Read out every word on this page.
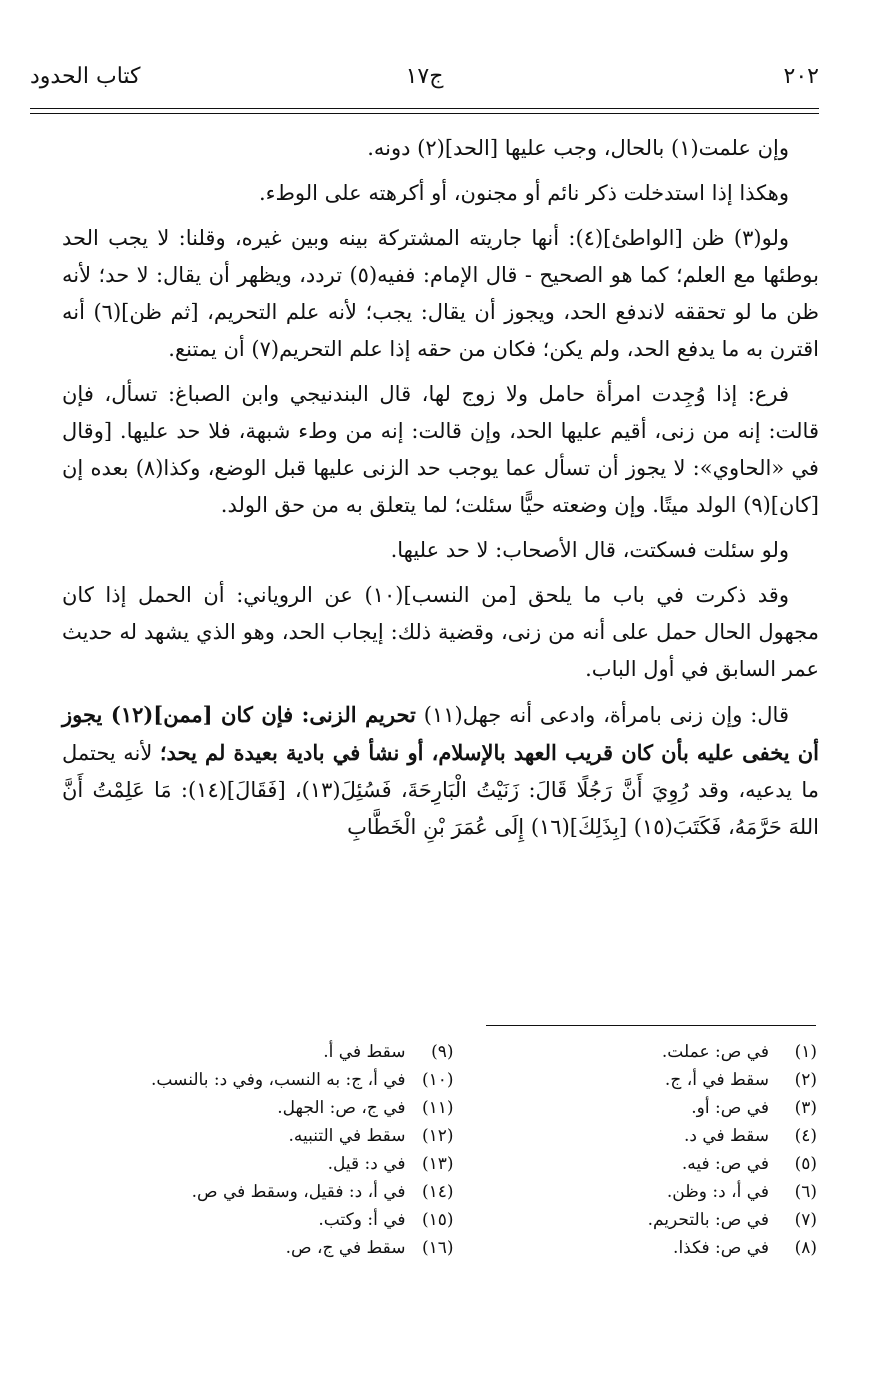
٢٠٢
ج١٧
كتاب الحدود

وإن علمت(١) بالحال، وجب عليها [الحد](٢) دونه.

وهكذا إذا استدخلت ذكر نائم أو مجنون، أو أكرهته على الوطء.

ولو(٣) ظن [الواطئ](٤): أنها جاريته المشتركة بينه وبين غيره، وقلنا: لا يجب الحد بوطئها مع العلم؛ كما هو الصحيح - قال الإمام: ففيه(٥) تردد، ويظهر أن يقال: لا حد؛ لأنه ظن ما لو تحققه لاندفع الحد، ويجوز أن يقال: يجب؛ لأنه علم التحريم، [ثم ظن](٦) أنه اقترن به ما يدفع الحد، ولم يكن؛ فكان من حقه إذا علم التحريم(٧) أن يمتنع.

فرع: إذا وُجِدت امرأة حامل ولا زوج لها، قال البندنيجي وابن الصباغ: تسأل، فإن قالت: إنه من زنى، أقيم عليها الحد، وإن قالت: إنه من وطء شبهة، فلا حد عليها. [وقال في «الحاوي»: لا يجوز أن تسأل عما يوجب حد الزنى عليها قبل الوضع، وكذا(٨) بعده إن [كان](٩) الولد ميتًا. وإن وضعته حيًّا سئلت؛ لما يتعلق به من حق الولد.

ولو سئلت فسكتت، قال الأصحاب: لا حد عليها.

وقد ذكرت في باب ما يلحق [من النسب](١٠) عن الروياني: أن الحمل إذا كان مجهول الحال حمل على أنه من زنى، وقضية ذلك: إيجاب الحد، وهو الذي يشهد له حديث عمر السابق في أول الباب.

قال: وإن زنى بامرأة، وادعى أنه جهل(١١) تحريم الزنى: فإن كان [ممن](١٢) يجوز أن يخفى عليه بأن كان قريب العهد بالإسلام، أو نشأ في بادية بعيدة لم يحد؛ لأنه يحتمل ما يدعيه، وقد رُوِيَ أَنَّ رَجُلًا قَالَ: زَنَيْتُ الْبَارِحَةَ، فَسُئِلَ(١٣)، [فَقَالَ](١٤): مَا عَلِمْتُ أَنَّ اللهَ حَرَّمَهُ، فَكَتَبَ(١٥) [بِذَلِكَ](١٦) إِلَى عُمَرَ بْنِ الْخَطَّابِ

(١)
في ص: عملت.
(٢)
سقط في أ، ج.
(٣)
في ص: أو.
(٤)
سقط في د.
(٥)
في ص: فيه.
(٦)
في أ، د: وظن.
(٧)
في ص: بالتحريم.
(٨)
في ص: فكذا.
(٩)
سقط في أ.
(١٠)
في أ، ج: به النسب، وفي د: بالنسب.
(١١)
في ج، ص: الجهل.
(١٢)
سقط في التنبيه.
(١٣)
في د: قيل.
(١٤)
في أ، د: فقيل، وسقط في ص.
(١٥)
في أ: وكتب.
(١٦)
سقط في ج، ص.
